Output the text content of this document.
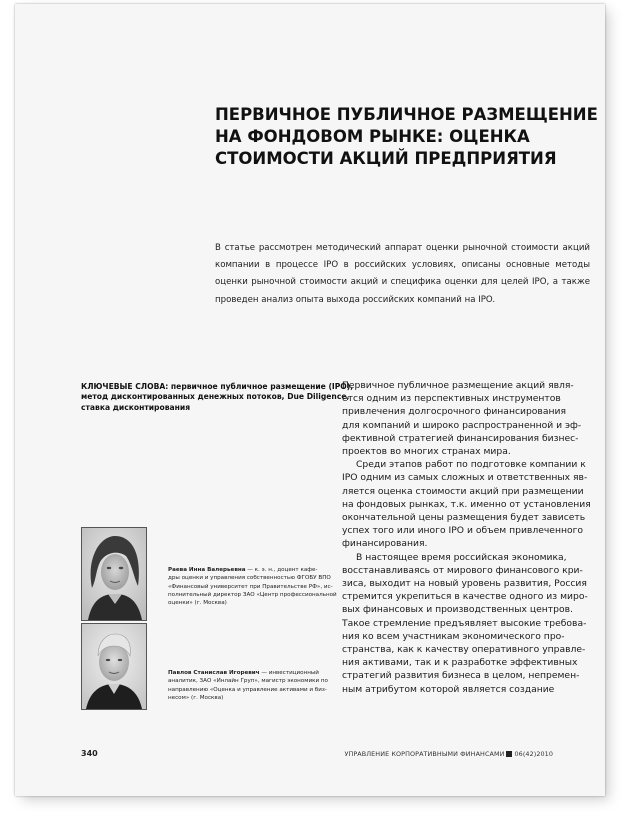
ПЕРВИЧНОЕ ПУБЛИЧНОЕ РАЗМЕЩЕНИЕ
НА ФОНДОВОМ РЫНКЕ: ОЦЕНКА
СТОИМОСТИ АКЦИЙ ПРЕДПРИЯТИЯ
В статье рассмотрен методический аппарат оценки рыночной стоимости акций
компании в процессе IPO в российских условиях, описаны основные методы
оценки рыночной стоимости акций и специфика оценки для целей IPO, а также
проведен анализ опыта выхода российских компаний на IPO.
КЛЮЧЕВЫЕ СЛОВА: первичное публичное размещение (IPO),
метод дисконтированных денежных потоков, Due Diligence,
ставка дисконтирования
Раева Инна Валерьевна — к. э. н., доцент кафе-
дры оценки и управления собственностью ФГОБУ ВПО
«Финансовый университет при Правительстве РФ», ис-
полнительный директор ЗАО «Центр профессиональной
оценки» (г. Москва)
Павлов Станислав Игоревич — инвестиционный
аналитик, ЗАО «Инлайн Груп», магистр экономики по
направлению «Оценка и управление активами и биз-
несом» (г. Москва)
Первичное публичное размещение акций явля-
ется одним из перспективных инструментов
привлечения долгосрочного финансирования
для компаний и широко распространенной и эф-
фективной стратегией финансирования бизнес-
проектов во многих странах мира.
Среди этапов работ по подготовке компании к
IPO одним из самых сложных и ответственных яв-
ляется оценка стоимости акций при размещении
на фондовых рынках, т.к. именно от установления
окончательной цены размещения будет зависеть
успех того или иного IPO и объем привлеченного
финансирования.
В настоящее время российская экономика,
восстанавливаясь от мирового финансового кри-
зиса, выходит на новый уровень развития, Россия
стремится укрепиться в качестве одного из миро-
вых финансовых и производственных центров.
Такое стремление предъявляет высокие требова-
ния ко всем участникам экономического про-
странства, как к качеству оперативного управле-
ния активами, так и к разработке эффективных
стратегий развития бизнеса в целом, непремен-
ным атрибутом которой является создание
340	УПРАВЛЕНИЕ КОРПОРАТИВНЫМИ ФИНАНСАМИ 06(42)2010
